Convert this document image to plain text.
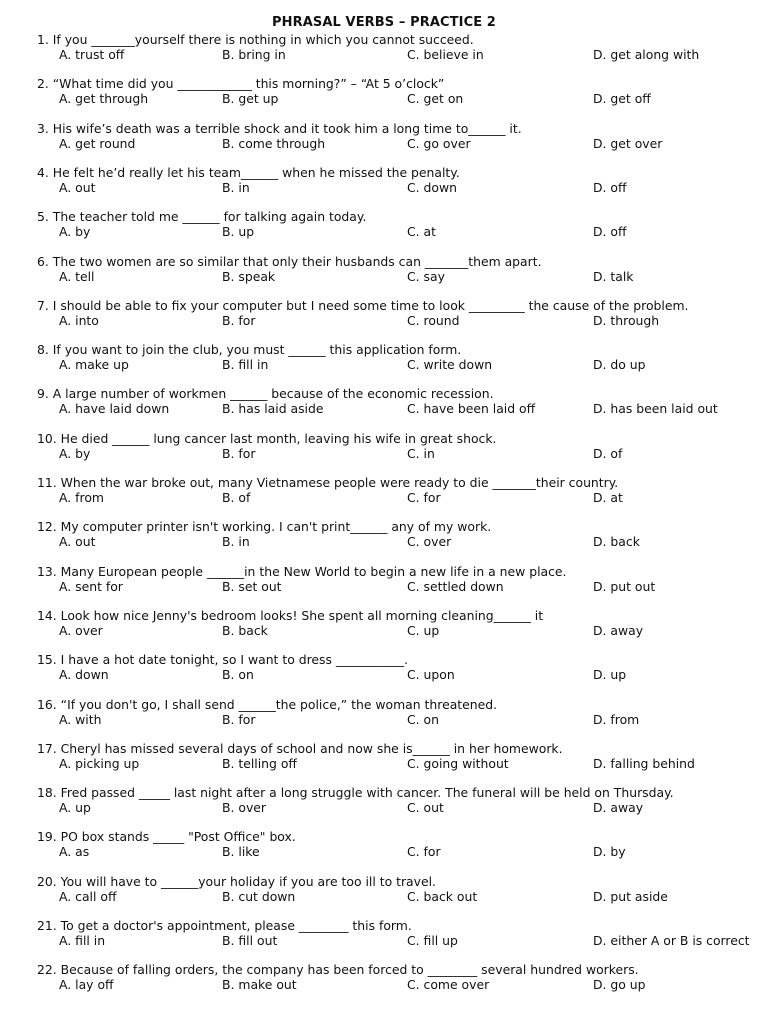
PHRASAL VERBS – PRACTICE 2
1. If you _______yourself there is nothing in which you cannot succeed.
A. trust off	B. bring in	C. believe in	D. get along with
2. “What time did you ____________ this morning?” – “At 5 o’clock”
A. get through	B. get up	C. get on	D. get off
3. His wife’s death was a terrible shock and it took him a long time to______ it.
A. get round	B. come through	C. go over	D. get over
4. He felt he’d really let his team______ when he missed the penalty.
A. out	B. in	C. down	D. off
5. The teacher told me ______ for talking again today.
A. by	B. up	C. at	D. off
6. The two women are so similar that only their husbands can _______them apart.
A. tell	B. speak	C. say	D. talk
7. I should be able to fix your computer but I need some time to look _________ the cause of the problem.
A. into	B. for	C. round	D. through
8. If you want to join the club, you must ______ this application form.
A. make up	B. fill in	C. write down	D. do up
9. A large number of workmen ______ because of the economic recession.
A. have laid down	B. has laid aside	C. have been laid off	D. has been laid out
10. He died ______ lung cancer last month, leaving his wife in great shock.
A. by	B. for	C. in	D. of
11. When the war broke out, many Vietnamese people were ready to die _______their country.
A. from	B. of	C. for	D. at
12. My computer printer isn't working. I can't print______ any of my work.
A. out	B. in	C. over	D. back
13. Many European people ______in the New World to begin a new life in a new place.
A. sent for	B. set out	C. settled down	D. put out
14. Look how nice Jenny's bedroom looks! She spent all morning cleaning______ it
A. over	B. back	C. up	D. away
15. I have a hot date tonight, so I want to dress ___________.
A. down	B. on	C. upon	D. up
16. “If you don't go, I shall send ______the police,” the woman threatened.
A. with	B. for	C. on	D. from
17. Cheryl has missed several days of school and now she is______ in her homework.
A. picking up	B. telling off	C. going without	D. falling behind
18. Fred passed _____ last night after a long struggle with cancer. The funeral will be held on Thursday.
A. up	B. over	C. out	D. away
19. PO box stands _____ "Post Office" box.
A. as	B. like	C. for	D. by
20. You will have to ______your holiday if you are too ill to travel.
A. call off	B. cut down	C. back out	D. put aside
21. To get a doctor's appointment, please ________ this form.
A. fill in	B. fill out	C. fill up	D. either A or B is correct
22. Because of falling orders, the company has been forced to ________ several hundred workers.
A. lay off	B. make out	C. come over	D. go up
